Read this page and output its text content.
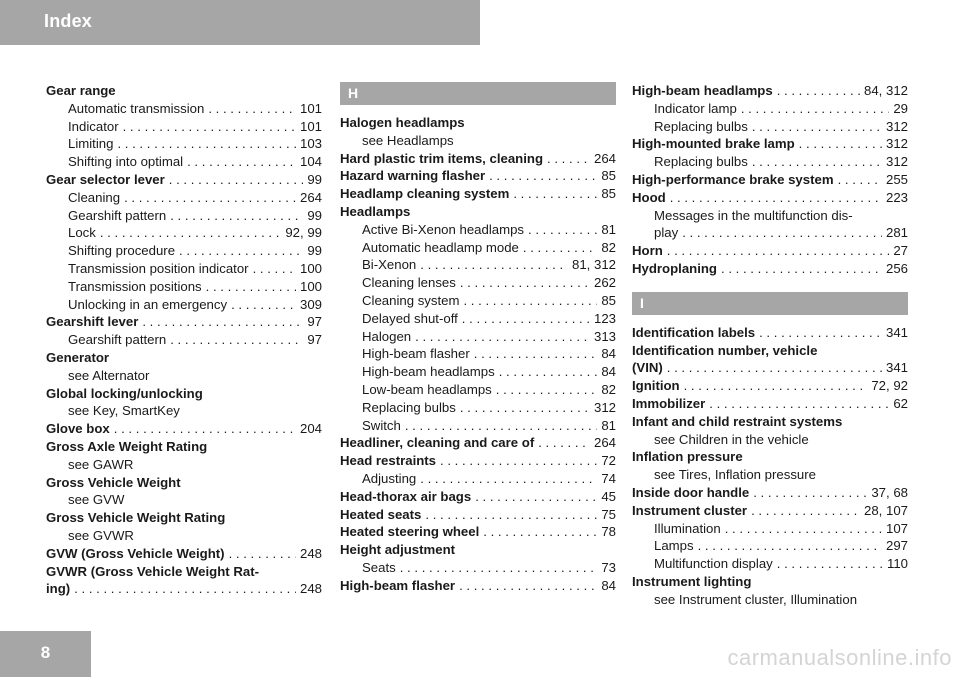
Index
Gear range
Automatic transmission . . .	101
Indicator . . .	101
Limiting . . .	103
Shifting into optimal . . .	104
Gear selector lever . . .	99
Cleaning . . .	264
Gearshift pattern . . .	99
Lock . . .	92, 99
Shifting procedure . . .	99
Transmission position indicator . . .	100
Transmission positions . . .	100
Unlocking in an emergency . . .	309
Gearshift lever . . .	97
Gearshift pattern . . .	97
Generator
see Alternator
Global locking/unlocking
see Key, SmartKey
Glove box . . .	204
Gross Axle Weight Rating
see GAWR
Gross Vehicle Weight
see GVW
Gross Vehicle Weight Rating
see GVWR
GVW (Gross Vehicle Weight) . . .	248
GVWR (Gross Vehicle Weight Rat-
ing) . . .	248
H
Halogen headlamps
see Headlamps
Hard plastic trim items, cleaning . . .	264
Hazard warning flasher . . .	85
Headlamp cleaning system . . .	85
Headlamps
Active Bi-Xenon headlamps . . .	81
Automatic headlamp mode . . .	82
Bi-Xenon . . .	81, 312
Cleaning lenses . . .	262
Cleaning system . . .	85
Delayed shut-off . . .	123
Halogen . . .	313
High-beam flasher . . .	84
High-beam headlamps . . .	84
Low-beam headlamps . . .	82
Replacing bulbs . . .	312
Switch . . .	81
Headliner, cleaning and care of . . .	264
Head restraints . . .	72
Adjusting . . .	74
Head-thorax air bags . . .	45
Heated seats . . .	75
Heated steering wheel . . .	78
Height adjustment
Seats . . .	73
High-beam flasher . . .	84
High-beam headlamps . . .	84, 312
Indicator lamp . . .	29
Replacing bulbs . . .	312
High-mounted brake lamp . . .	312
Replacing bulbs . . .	312
High-performance brake system . . .	255
Hood . . .	223
Messages in the multifunction dis-
play . . .	281
Horn . . .	27
Hydroplaning . . .	256
I
Identification labels . . .	341
Identification number, vehicle
(VIN) . . .	341
Ignition . . .	72, 92
Immobilizer . . .	62
Infant and child restraint systems
see Children in the vehicle
Inflation pressure
see Tires, Inflation pressure
Inside door handle . . .	37, 68
Instrument cluster . . .	28, 107
Illumination . . .	107
Lamps . . .	297
Multifunction display . . .	110
Instrument lighting
see Instrument cluster, Illumination
8	carmanualsonline.info
